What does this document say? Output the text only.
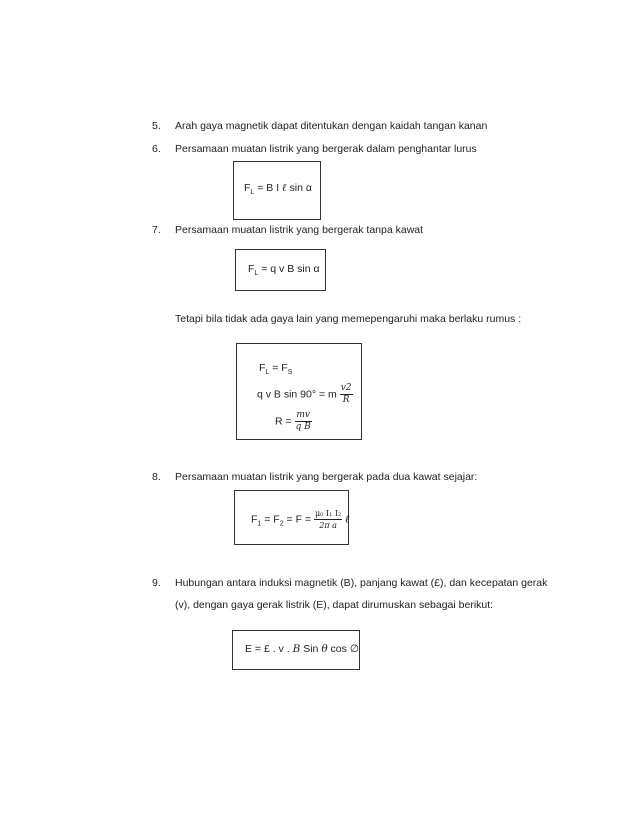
5. Arah gaya magnetik dapat ditentukan dengan kaidah tangan kanan
6. Persamaan muatan listrik yang bergerak dalam penghantar lurus
$F_L = B$ I ℓ sin α
7. Persamaan muatan listrik yang bergerak tanpa kawat
$F_L = q$ v B sin α
Tetapi bila tidak ada gaya lain yang memepengaruhi maka berlaku rumus :
$F_L = F_S$
q v B sin 90° = m $\frac{v2}{R}$
$R = \frac{mv}{\text{q B}}$
8. Persamaan muatan listrik yang bergerak pada dua kawat sejajar:
$F_1 = F_2 = F = \frac{\text{μ₀ I₁ I₂}}{\text{2π a}}$ ℓ
9. Hubungan antara induksi magnetik (B), panjang kawat (£), dan kecepatan gerak
(v), dengan gaya gerak listrik (E), dapat dirumuskan sebagai berikut:
E = £ . v . B Sin θ cos ∅
